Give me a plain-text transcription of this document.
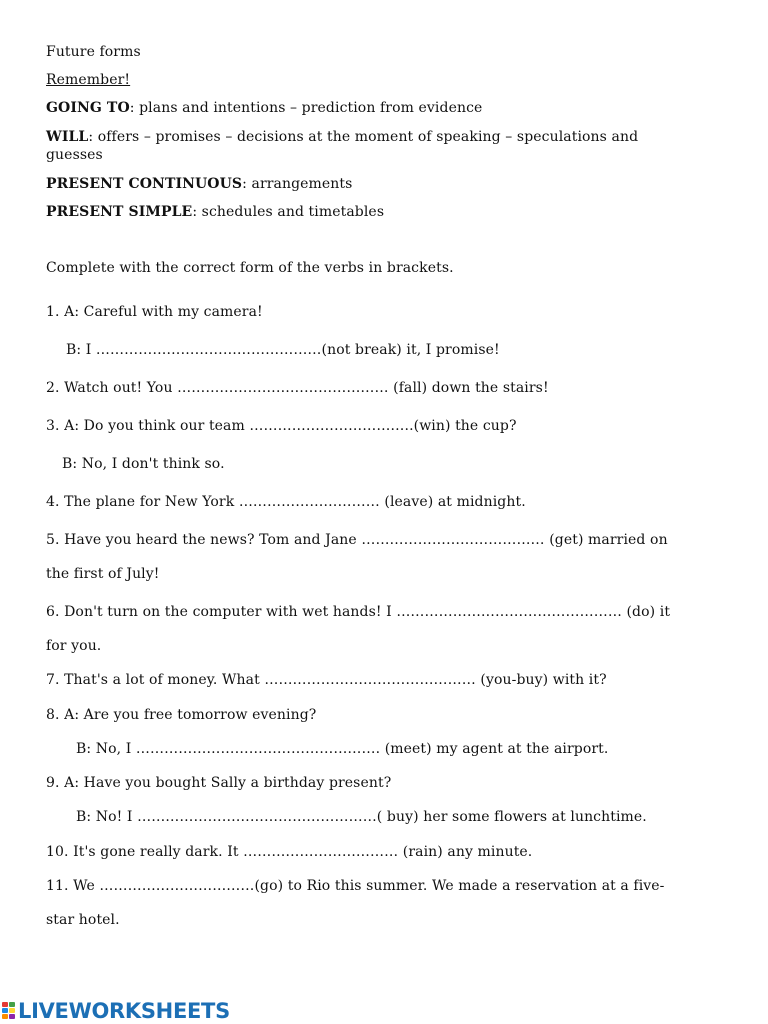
Future forms
Remember!
GOING TO: plans and intentions – prediction from evidence
WILL: offers – promises – decisions at the moment of speaking – speculations and
guesses
PRESENT CONTINUOUS: arrangements
PRESENT SIMPLE: schedules and timetables
Complete with the correct form of the verbs in brackets.
1. A: Careful with my camera!
B: I …………………………………………(not break) it, I promise!
2. Watch out! You ……………………………………… (fall) down the stairs!
3. A: Do you think our team ……………………………..(win) the cup?
B: No, I don't think so.
4. The plane for New York ………………………… (leave) at midnight.
5. Have you heard the news? Tom and Jane ………………………………… (get) married on
the first of July!
6. Don't turn on the computer with wet hands! I ………………………………………… (do) it
for you.
7. That's a lot of money. What ……………………………………… (you-buy) with it?
8. A: Are you free tomorrow evening?
B: No, I ……………………………………………. (meet) my agent at the airport.
9. A: Have you bought Sally a birthday present?
B: No! I ……………………………………………( buy) her some flowers at lunchtime.
10. It's gone really dark. It …………………………… (rain) any minute.
11. We ……………………………(go) to Rio this summer. We made a reservation at a five-
star hotel.
LIVEWORKSHEETS
